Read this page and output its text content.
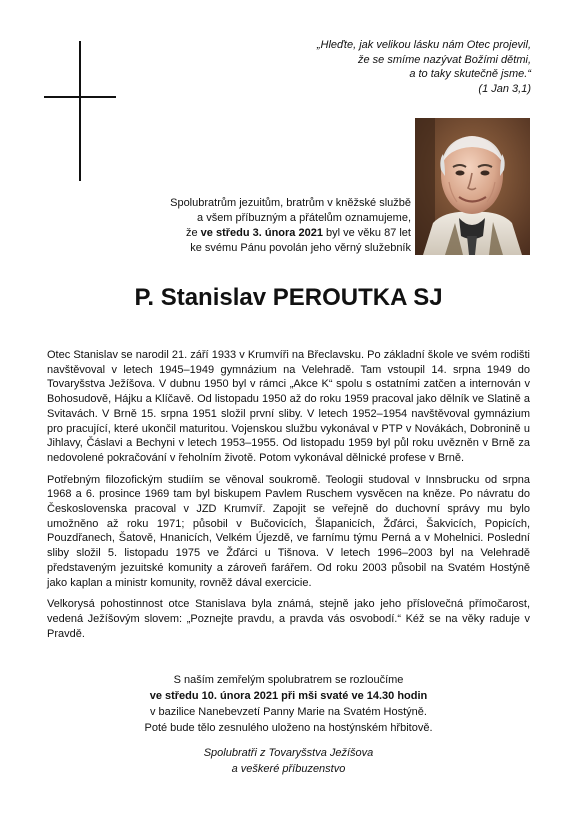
„Hleďte, jak velikou lásku nám Otec projevil,
že se smíme nazývat Božími dětmi,
a to taky skutečně jsme.“
(1 Jan 3,1)
Spolubratrům jezuitům, bratrům v kněžské službě
a všem příbuzným a přátelům oznamujeme,
že ve středu 3. února 2021 byl ve věku 87 let
ke svému Pánu povolán jeho věrný služebník
P. Stanislav PEROUTKA SJ

Otec Stanislav se narodil 21. září 1933 v Krumvíři na Břeclavsku. Po základní škole ve svém rodišti navštěvoval v letech 1945–1949 gymnázium na Velehradě. Tam vstoupil 14. srpna 1949 do Tovaryšstva Ježíšova. V dubnu 1950 byl v rámci „Akce K“ spolu s ostatními zatčen a internován v Bohosudově, Hájku a Klíčavě. Od listopadu 1950 až do roku 1959 pracoval jako dělník ve Slatině a Svitavách. V Brně 15. srpna 1951 složil první sliby. V letech 1952–1954 navštěvoval gymnázium pro pracující, které ukončil maturitou. Vojenskou službu vykonával v PTP v Novákách, Dobronině u Jihlavy, Čáslavi a Bechyni v letech 1953–1955. Od listopadu 1959 byl půl roku uvězněn v Brně za nedovolené pokračování v řeholním životě. Potom vykonával dělnické profese v Brně.

Potřebným filozofickým studiím se věnoval soukromě. Teologii studoval v Innsbrucku od srpna 1968 a 6. prosince 1969 tam byl biskupem Pavlem Ruschem vysvěcen na kněze. Po návratu do Československa pracoval v JZD Krumvíř. Zapojit se veřejně do duchovní správy mu bylo umožněno až roku 1971; působil v Bučovicích, Šlapanicích, Žďárci, Šakvicích, Popicích, Pouzdřanech, Šatově, Hnanicích, Velkém Újezdě, ve farnímu týmu Perná a v Mohelnici. Poslední sliby složil 5. listopadu 1975 ve Žďárci u Tišnova. V letech 1996–2003 byl na Velehradě představeným jezuitské komunity a zároveň farářem. Od roku 2003 působil na Svatém Hostýně jako kaplan a ministr komunity, rovněž dával exercicie.

Velkorysá pohostinnost otce Stanislava byla známá, stejně jako jeho příslovečná přímočarost, vedená Ježíšovým slovem: „Poznejte pravdu, a pravda vás osvobodí.“ Kéž se na věky raduje v Pravdě.

S naším zemřelým spolubratrem se rozloučíme
ve středu 10. února 2021 při mši svaté ve 14.30 hodin
v bazilice Nanebevzetí Panny Marie na Svatém Hostýně.
Poté bude tělo zesnulého uloženo na hostýnském hřbitově.
Spolubratři z Tovaryšstva Ježíšova
a veškeré příbuzenstvo
